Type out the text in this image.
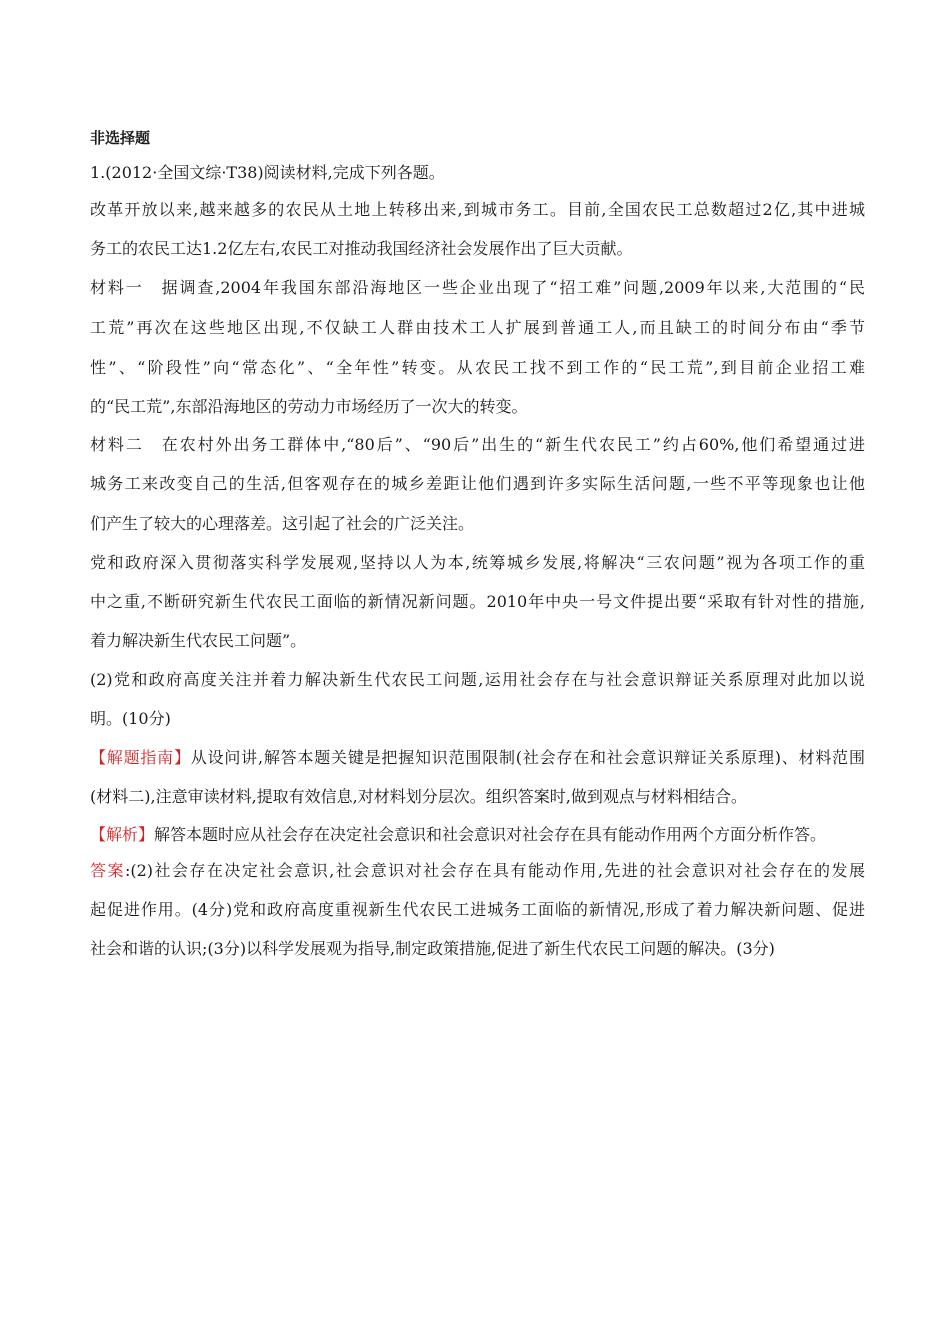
非选择题
1.(2012·全国文综·T38)阅读材料,完成下列各题。
改革开放以来,越来越多的农民从土地上转移出来,到城市务工。目前,全国农民工总数超过2亿,其中进城
务工的农民工达1.2亿左右,农民工对推动我国经济社会发展作出了巨大贡献。
材料一　据调查,2004年我国东部沿海地区一些企业出现了“招工难”问题,2009年以来,大范围的“民
工荒”再次在这些地区出现,不仅缺工人群由技术工人扩展到普通工人,而且缺工的时间分布由“季节
性”、“阶段性”向“常态化”、“全年性”转变。从农民工找不到工作的“民工荒”,到目前企业招工难
的“民工荒”,东部沿海地区的劳动力市场经历了一次大的转变。
材料二　在农村外出务工群体中,“80后”、“90后”出生的“新生代农民工”约占60%,他们希望通过进
城务工来改变自己的生活,但客观存在的城乡差距让他们遇到许多实际生活问题,一些不平等现象也让他
们产生了较大的心理落差。这引起了社会的广泛关注。
党和政府深入贯彻落实科学发展观,坚持以人为本,统筹城乡发展,将解决“三农问题”视为各项工作的重
中之重,不断研究新生代农民工面临的新情况新问题。2010年中央一号文件提出要“采取有针对性的措施,
着力解决新生代农民工问题”。
(2)党和政府高度关注并着力解决新生代农民工问题,运用社会存在与社会意识辩证关系原理对此加以说
明。(10分)
【解题指南】从设问讲,解答本题关键是把握知识范围限制(社会存在和社会意识辩证关系原理)、材料范围
(材料二),注意审读材料,提取有效信息,对材料划分层次。组织答案时,做到观点与材料相结合。
【解析】解答本题时应从社会存在决定社会意识和社会意识对社会存在具有能动作用两个方面分析作答。
答案:(2)社会存在决定社会意识,社会意识对社会存在具有能动作用,先进的社会意识对社会存在的发展
起促进作用。(4分)党和政府高度重视新生代农民工进城务工面临的新情况,形成了着力解决新问题、促进
社会和谐的认识;(3分)以科学发展观为指导,制定政策措施,促进了新生代农民工问题的解决。(3分)
